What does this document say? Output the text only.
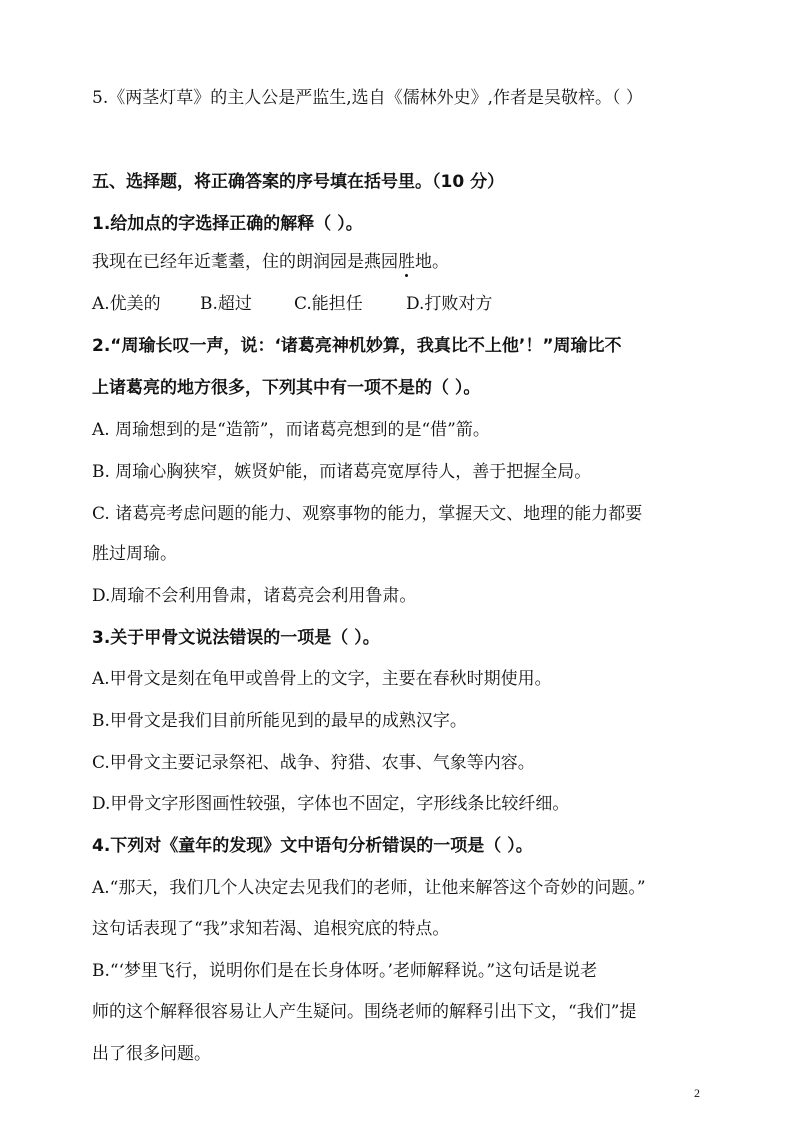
5.《两茎灯草》的主人公是严监生,选自《儒林外史》,作者是吴敬梓。（ ）
五、选择题，将正确答案的序号填在括号里。（10 分）
1.给加点的字选择正确的解释（ ）。
我现在已经年近耄耋，住的朗润园是燕园胜地。
A.优美的 B.超过 C.能担任	D.打败对方
2.“周瑜长叹一声，说：‘诸葛亮神机妙算，我真比不上他’！”周瑜比不
上诸葛亮的地方很多，下列其中有一项不是的（ ）。
A. 周瑜想到的是“造箭”，而诸葛亮想到的是“借”箭。
B. 周瑜心胸狭窄，嫉贤妒能，而诸葛亮宽厚待人，善于把握全局。
C. 诸葛亮考虑问题的能力、观察事物的能力，掌握天文、地理的能力都要
胜过周瑜。
D.周瑜不会利用鲁肃，诸葛亮会利用鲁肃。
3.关于甲骨文说法错误的一项是（ ）。
A.甲骨文是刻在龟甲或兽骨上的文字，主要在春秋时期使用。
B.甲骨文是我们目前所能见到的最早的成熟汉字。
C.甲骨文主要记录祭祀、战争、狩猎、农事、气象等内容。
D.甲骨文字形图画性较强，字体也不固定，字形线条比较纤细。
4.下列对《童年的发现》文中语句分析错误的一项是（ ）。
A.“那天，我们几个人决定去见我们的老师，让他来解答这个奇妙的问题。”
这句话表现了“我”求知若渴、追根究底的特点。
B.“‘梦里飞行，说明你们是在长身体呀。’老师解释说。”这句话是说老
师的这个解释很容易让人产生疑问。围绕老师的解释引出下文，“我们”提
出了很多问题。
2
